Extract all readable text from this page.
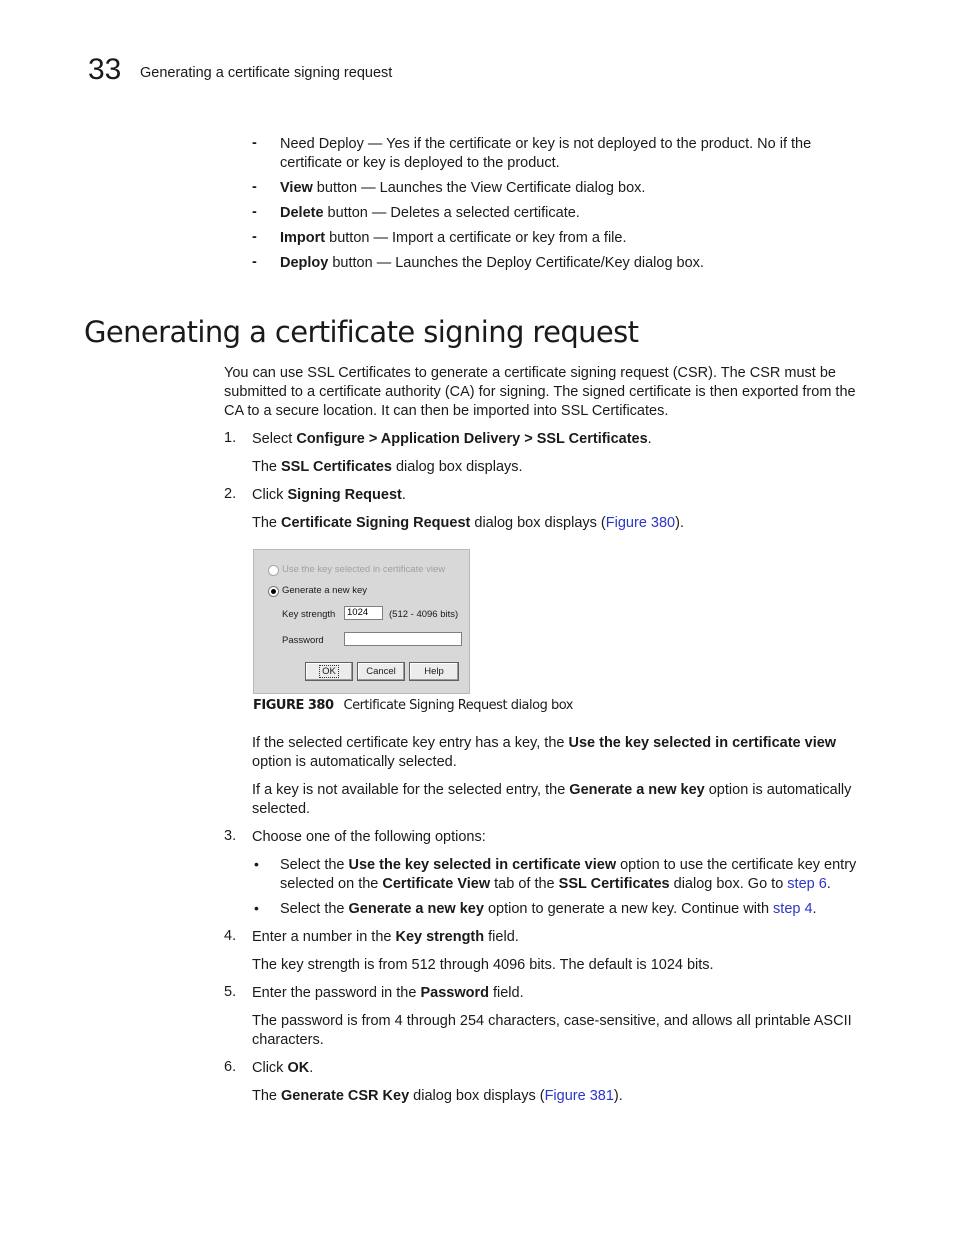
33 Generating a certificate signing request
-	Need Deploy — Yes if the certificate or key is not deployed to the product. No if the certificate or key is deployed to the product.
-	View button — Launches the View Certificate dialog box.
-	Delete button — Deletes a selected certificate.
-	Import button — Import a certificate or key from a file.
-	Deploy button — Launches the Deploy Certificate/Key dialog box.
Generating a certificate signing request
You can use SSL Certificates to generate a certificate signing request (CSR). The CSR must be submitted to a certificate authority (CA) for signing. The signed certificate is then exported from the CA to a secure location. It can then be imported into SSL Certificates.
1.	Select Configure > Application Delivery > SSL Certificates.
The SSL Certificates dialog box displays.
2.	Click Signing Request.
The Certificate Signing Request dialog box displays (Figure 380).
Use the key selected in certificate view
Generate a new key
Key strength
1024	(512 - 4096 bits)
Password
OK	Cancel	Help
FIGURE 380 Certificate Signing Request dialog box
If the selected certificate key entry has a key, the Use the key selected in certificate view option is automatically selected.
If a key is not available for the selected entry, the Generate a new key option is automatically selected.
3.	Choose one of the following options:
• Select the Use the key selected in certificate view option to use the certificate key entry selected on the Certificate View tab of the SSL Certificates dialog box. Go to step 6.
• Select the Generate a new key option to generate a new key. Continue with step 4.
4.	Enter a number in the Key strength field.
The key strength is from 512 through 4096 bits. The default is 1024 bits.
5.	Enter the password in the Password field.
The password is from 4 through 254 characters, case-sensitive, and allows all printable ASCII characters.
6.	Click OK.
The Generate CSR Key dialog box displays (Figure 381).
